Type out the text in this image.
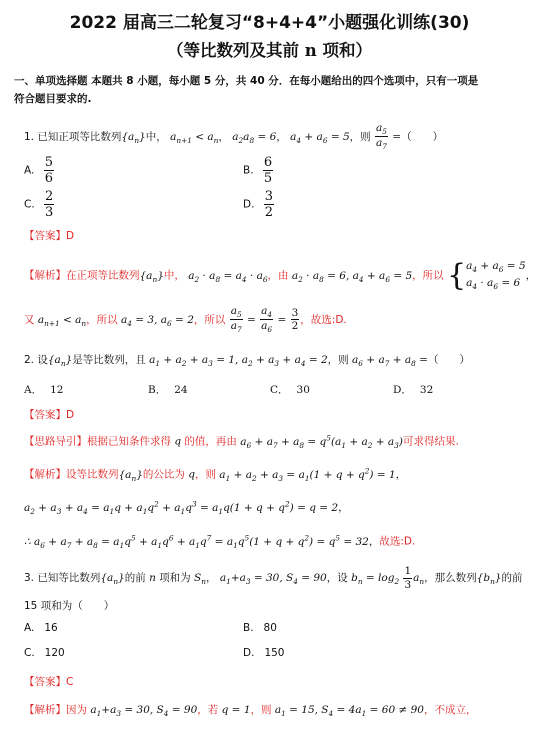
2022 届高三二轮复习“8+4+4”小题强化训练(30)
（等比数列及其前 n 项和）
一、单项选择题 本题共 8 小题，每小题 5 分，共 40 分．在每小题给出的四个选项中，只有一项是
符合题目要求的.
1. 已知正项等比数列$\{a_n\}$中， $a_{n+1} < a_n$， $a_2a_8 = 6$， $a_4 + a_6 = 5$，则 $\frac{a_5}{a_7}$ =（　　）
A. $\frac{5}{6}$	B. $\frac{6}{5}$
C. $\frac{2}{3}$	D. $\frac{3}{2}$
【答案】D
【解析】在正项等比数列$\{a_n\}$中， $a_2 \cdot a_8 = a_4 \cdot a_6$，由 $a_2 \cdot a_8 = 6$, $a_4 + a_6 = 5$，所以 {$a_4 + a_6 = 5$
$a_4 \cdot a_6 = 6$，
又 $a_{n+1} < a_n$，所以 $a_4 = 3$, $a_6 = 2$，所以 $\frac{a_5}{a_7} = \frac{a_4}{a_6} = \frac{3}{2}$ ，故选:D.
2. 设$\{a_n\}$是等比数列，且 $a_1 + a_2 + a_3 = 1$, $a_2 + a_3 + a_4 = 2$，则 $a_6 + a_7 + a_8$ =（　　）
A． 12	B． 24	C． 30	D． 32
【答案】D
【思路导引】根据已知条件求得 q 的值，再由 $a_6 + a_7 + a_8 = q^5(a_1 + a_2 + a_3)$可求得结果.
【解析】设等比数列$\{a_n\}$的公比为 q，则 $a_1 + a_2 + a_3 = a_1(1 + q + q^2) = 1$，
$a_2 + a_3 + a_4 = a_1q + a_1q^2 + a_1q^3 = a_1q(1 + q + q^2) = q = 2$，
∴ $a_6 + a_7 + a_8 = a_1q^5 + a_1q^6 + a_1q^7 = a_1q^5(1 + q + q^2) = q^5 = 32$，故选:D.
3. 已知等比数列$\{a_n\}$的前 n 项和为 $S_n$， $a_1+a_3 = 30$, $S_4 = 90$，设 $b_n = \log_2 \frac{1}{3} a_n$，那么数列$\{b_n\}$的前
15 项和为（　　）
A. 16	B. 80
C. 120	D. 150
【答案】C
【解析】因为 $a_1+a_3 = 30$, $S_4 = 90$，若 q = 1，则 $a_1 = 15$, $S_4 = 4a_1 = 60 \ne 90$，不成立，
